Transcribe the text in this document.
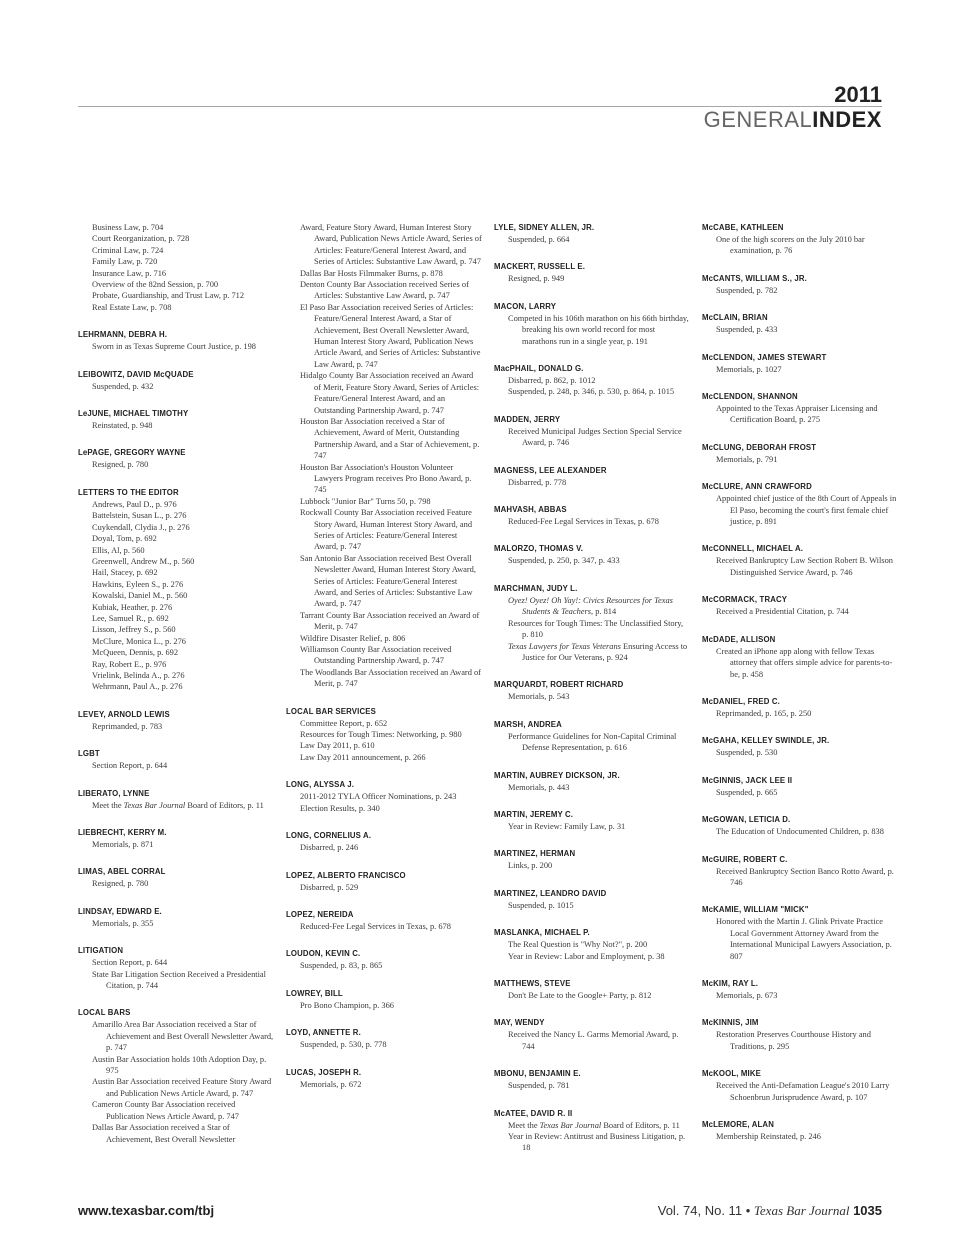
2011
GENERALINDEX
Business Law, p. 704
Court Reorganization, p. 728
Criminal Law, p. 724
Family Law, p. 720
Insurance Law, p. 716
Overview of the 82nd Session, p. 700
Probate, Guardianship, and Trust Law, p. 712
Real Estate Law, p. 708
LEHRMANN, DEBRA H.
Sworn in as Texas Supreme Court Justice, p. 198
LEIBOWITZ, DAVID McQUADE
Suspended, p. 432
LeJUNE, MICHAEL TIMOTHY
Reinstated, p. 948
LePAGE, GREGORY WAYNE
Resigned, p. 780
LETTERS TO THE EDITOR
Andrews, Paul D., p. 976
Battelstein, Susan L., p. 276
Cuykendall, Clydia J., p. 276
Doyal, Tom, p. 692
Ellis, Al, p. 560
Greenwell, Andrew M., p. 560
Hail, Stacey, p. 692
Hawkins, Eyleen S., p. 276
Kowalski, Daniel M., p. 560
Kubiak, Heather, p. 276
Lee, Samuel R., p. 692
Lisson, Jeffrey S., p. 560
McClure, Monica L., p. 276
McQueen, Dennis, p. 692
Ray, Robert E., p. 976
Vrielink, Belinda A., p. 276
Wehrmann, Paul A., p. 276
LEVEY, ARNOLD LEWIS
Reprimanded, p. 783
LGBT
Section Report, p. 644
LIBERATO, LYNNE
Meet the Texas Bar Journal Board of Editors, p. 11
LIEBRECHT, KERRY M.
Memorials, p. 871
LIMAS, ABEL CORRAL
Resigned, p. 780
LINDSAY, EDWARD E.
Memorials, p. 355
LITIGATION
Section Report, p. 644
State Bar Litigation Section Received a Presidential Citation, p. 744
LOCAL BARS
Amarillo Area Bar Association received a Star of Achievement and Best Overall Newsletter Award, p. 747
Austin Bar Association holds 10th Adoption Day, p. 975
Austin Bar Association received Feature Story Award and Publication News Article Award, p. 747
Cameron County Bar Association received Publication News Article Award, p. 747
Dallas Bar Association received a Star of Achievement, Best Overall Newsletter
Award, Feature Story Award, Human Interest Story Award, Publication News Article Award, Series of Articles: Feature/General Interest Award, and Series of Articles: Substantive Law Award, p. 747
Dallas Bar Hosts Filmmaker Burns, p. 878
Denton County Bar Association received Series of Articles: Substantive Law Award, p. 747
El Paso Bar Association received Series of Articles: Feature/General Interest Award, a Star of Achievement, Best Overall Newsletter Award, Human Interest Story Award, Publication News Article Award, and Series of Articles: Substantive Law Award, p. 747
Hidalgo County Bar Association received an Award of Merit, Feature Story Award, Series of Articles: Feature/General Interest Award, and an Outstanding Partnership Award, p. 747
Houston Bar Association received a Star of Achievement, Award of Merit, Outstanding Partnership Award, and a Star of Achievement, p. 747
Houston Bar Association's Houston Volunteer Lawyers Program receives Pro Bono Award, p. 745
Lubbock "Junior Bar" Turns 50, p. 798
Rockwall County Bar Association received Feature Story Award, Human Interest Story Award, and Series of Articles: Feature/General Interest Award, p. 747
San Antonio Bar Association received Best Overall Newsletter Award, Human Interest Story Award, Series of Articles: Feature/General Interest Award, and Series of Articles: Substantive Law Award, p. 747
Tarrant County Bar Association received an Award of Merit, p. 747
Wildfire Disaster Relief, p. 806
Williamson County Bar Association received Outstanding Partnership Award, p. 747
The Woodlands Bar Association received an Award of Merit, p. 747
LOCAL BAR SERVICES
Committee Report, p. 652
Resources for Tough Times: Networking, p. 980
Law Day 2011, p. 610
Law Day 2011 announcement, p. 266
LONG, ALYSSA J.
2011-2012 TYLA Officer Nominations, p. 243
Election Results, p. 340
LONG, CORNELIUS A.
Disbarred, p. 246
LOPEZ, ALBERTO FRANCISCO
Disbarred, p. 529
LOPEZ, NEREIDA
Reduced-Fee Legal Services in Texas, p. 678
LOUDON, KEVIN C.
Suspended, p. 83, p. 865
LOWREY, BILL
Pro Bono Champion, p. 366
LOYD, ANNETTE R.
Suspended, p. 530, p. 778
LUCAS, JOSEPH R.
Memorials, p. 672
LYLE, SIDNEY ALLEN, JR.
Suspended, p. 664
MACKERT, RUSSELL E.
Resigned, p. 949
MACON, LARRY
Competed in his 106th marathon on his 66th birthday, breaking his own world record for most marathons run in a single year, p. 191
MacPHAIL, DONALD G.
Disbarred, p. 862, p. 1012
Suspended, p. 248, p. 346, p. 530, p. 864, p. 1015
MADDEN, JERRY
Received Municipal Judges Section Special Service Award, p. 746
MAGNESS, LEE ALEXANDER
Disbarred, p. 778
MAHVASH, ABBAS
Reduced-Fee Legal Services in Texas, p. 678
MALORZO, THOMAS V.
Suspended, p. 250, p. 347, p. 433
MARCHMAN, JUDY L.
Oyez! Oyez! Oh Yay!: Civics Resources for Texas Students & Teachers, p. 814
Resources for Tough Times: The Unclassified Story, p. 810
Texas Lawyers for Texas Veterans Ensuring Access to Justice for Our Veterans, p. 924
MARQUARDT, ROBERT RICHARD
Memorials, p. 543
MARSH, ANDREA
Performance Guidelines for Non-Capital Criminal Defense Representation, p. 616
MARTIN, AUBREY DICKSON, JR.
Memorials, p. 443
MARTIN, JEREMY C.
Year in Review: Family Law, p. 31
MARTINEZ, HERMAN
Links, p. 200
MARTINEZ, LEANDRO DAVID
Suspended, p. 1015
MASLANKA, MICHAEL P.
The Real Question is "Why Not?", p. 200
Year in Review: Labor and Employment, p. 38
MATTHEWS, STEVE
Don't Be Late to the Google+ Party, p. 812
MAY, WENDY
Received the Nancy L. Garms Memorial Award, p. 744
MBONU, BENJAMIN E.
Suspended, p. 781
McATEE, DAVID R. II
Meet the Texas Bar Journal Board of Editors, p. 11
Year in Review: Antitrust and Business Litigation, p. 18
McCABE, KATHLEEN
One of the high scorers on the July 2010 bar examination, p. 76
McCANTS, WILLIAM S., JR.
Suspended, p. 782
McCLAIN, BRIAN
Suspended, p. 433
McCLENDON, JAMES STEWART
Memorials, p. 1027
McCLENDON, SHANNON
Appointed to the Texas Appraiser Licensing and Certification Board, p. 275
McCLUNG, DEBORAH FROST
Memorials, p. 791
McCLURE, ANN CRAWFORD
Appointed chief justice of the 8th Court of Appeals in El Paso, becoming the court's first female chief justice, p. 891
McCONNELL, MICHAEL A.
Received Bankruptcy Law Section Robert B. Wilson Distinguished Service Award, p. 746
McCORMACK, TRACY
Received a Presidential Citation, p. 744
McDADE, ALLISON
Created an iPhone app along with fellow Texas attorney that offers simple advice for parents-to-be, p. 458
McDANIEL, FRED C.
Reprimanded, p. 165, p. 250
McGAHA, KELLEY SWINDLE, JR.
Suspended, p. 530
McGINNIS, JACK LEE II
Suspended, p. 665
McGOWAN, LETICIA D.
The Education of Undocumented Children, p. 838
McGUIRE, ROBERT C.
Received Bankruptcy Section Banco Rotto Award, p. 746
McKAMIE, WILLIAM "MICK"
Honored with the Martin J. Glink Private Practice Local Government Attorney Award from the International Municipal Lawyers Association, p. 807
McKIM, RAY L.
Memorials, p. 673
McKINNIS, JIM
Restoration Preserves Courthouse History and Traditions, p. 295
McKOOL, MIKE
Received the Anti-Defamation League's 2010 Larry Schoenbrun Jurisprudence Award, p. 107
McLEMORE, ALAN
Membership Reinstated, p. 246
www.texasbar.com/tbj	Vol. 74, No. 11 • Texas Bar Journal 1035
